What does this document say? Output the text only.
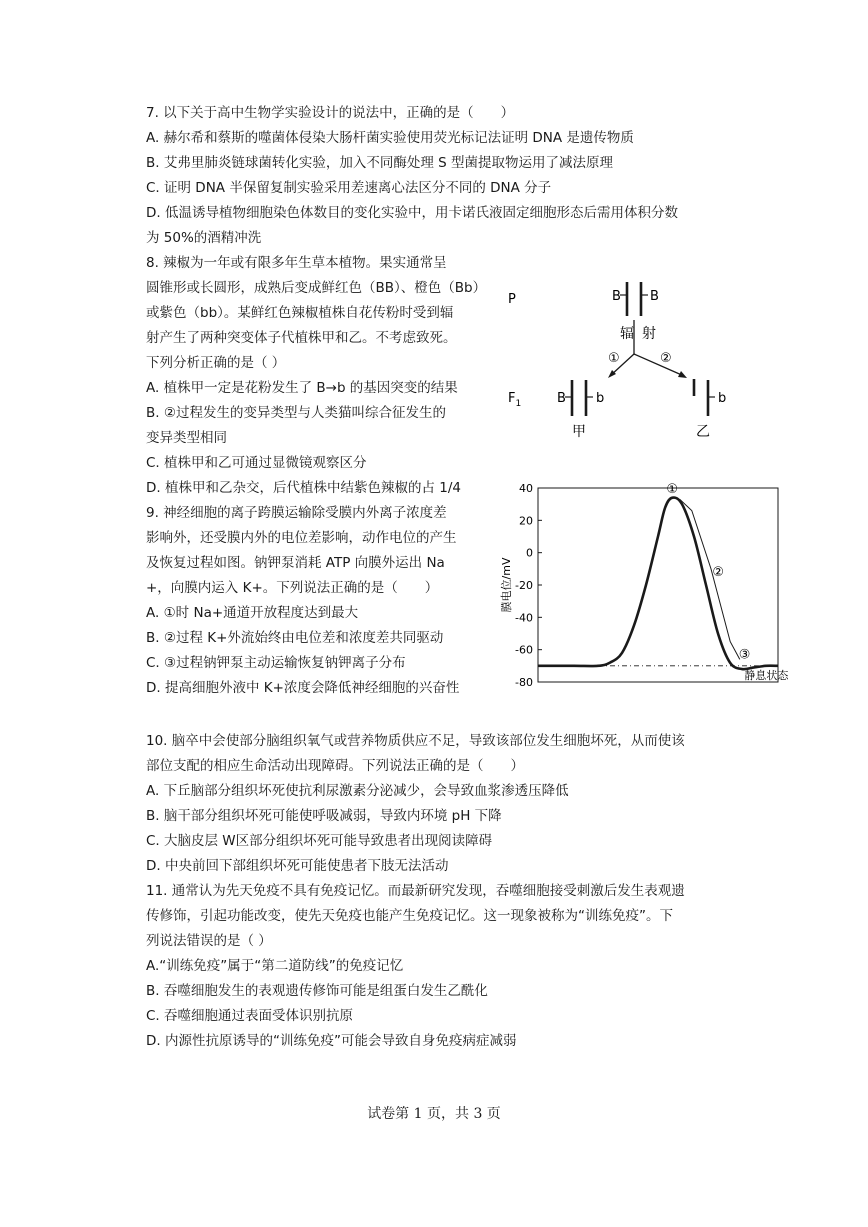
7. 以下关于高中生物学实验设计的说法中，正确的是（　　）
A. 赫尔希和蔡斯的噬菌体侵染大肠杆菌实验使用荧光标记法证明 DNA 是遗传物质
B. 艾弗里肺炎链球菌转化实验，加入不同酶处理 S 型菌提取物运用了减法原理
C. 证明 DNA 半保留复制实验采用差速离心法区分不同的 DNA 分子
D. 低温诱导植物细胞染色体数目的变化实验中，用卡诺氏液固定细胞形态后需用体积分数
为 50%的酒精冲洗
8. 辣椒为一年或有限多年生草本植物。果实通常呈
圆锥形或长圆形，成熟后变成鲜红色（BB）、橙色（Bb）
或紫色（bb）。某鲜红色辣椒植株自花传粉时受到辐
射产生了两种突变体子代植株甲和乙。不考虑致死。
下列分析正确的是（ ）
A. 植株甲一定是花粉发生了 B→b 的基因突变的结果
B. ②过程发生的变异类型与人类猫叫综合征发生的
变异类型相同
C. 植株甲和乙可通过显微镜观察区分
D. 植株甲和乙杂交，后代植株中结紫色辣椒的占 1/4
P	B B
辐 射
①	②
$F_1$	B b	b
甲	乙
9. 神经细胞的离子跨膜运输除受膜内外离子浓度差
影响外，还受膜内外的电位差影响，动作电位的产生
及恢复过程如图。钠钾泵消耗 ATP 向膜外运出 Na
+，向膜内运入 K+。下列说法正确的是（　　）
A. ①时 Na+通道开放程度达到最大
B. ②过程 K+外流始终由电位差和浓度差共同驱动
C. ③过程钠钾泵主动运输恢复钠钾离子分布
D. 提高细胞外液中 K+浓度会降低神经细胞的兴奋性
膜电位/mV
40
20
0
-20
-40
-60
-80
①
②
③
静息状态
10. 脑卒中会使部分脑组织氧气或营养物质供应不足，导致该部位发生细胞坏死，从而使该
部位支配的相应生命活动出现障碍。下列说法正确的是（　　）
A. 下丘脑部分组织坏死使抗利尿激素分泌减少，会导致血浆渗透压降低
B. 脑干部分组织坏死可能使呼吸减弱，导致内环境 pH 下降
C. 大脑皮层 W区部分组织坏死可能导致患者出现阅读障碍
D. 中央前回下部组织坏死可能使患者下肢无法活动
11. 通常认为先天免疫不具有免疫记忆。而最新研究发现，吞噬细胞接受刺激后发生表观遗
传修饰，引起功能改变，使先天免疫也能产生免疫记忆。这一现象被称为“训练免疫”。下
列说法错误的是（ ）
A.“训练免疫”属于“第二道防线”的免疫记忆
B. 吞噬细胞发生的表观遗传修饰可能是组蛋白发生乙酰化
C. 吞噬细胞通过表面受体识别抗原
D. 内源性抗原诱导的“训练免疫”可能会导致自身免疫病症减弱
试卷第 1 页，共 3 页
